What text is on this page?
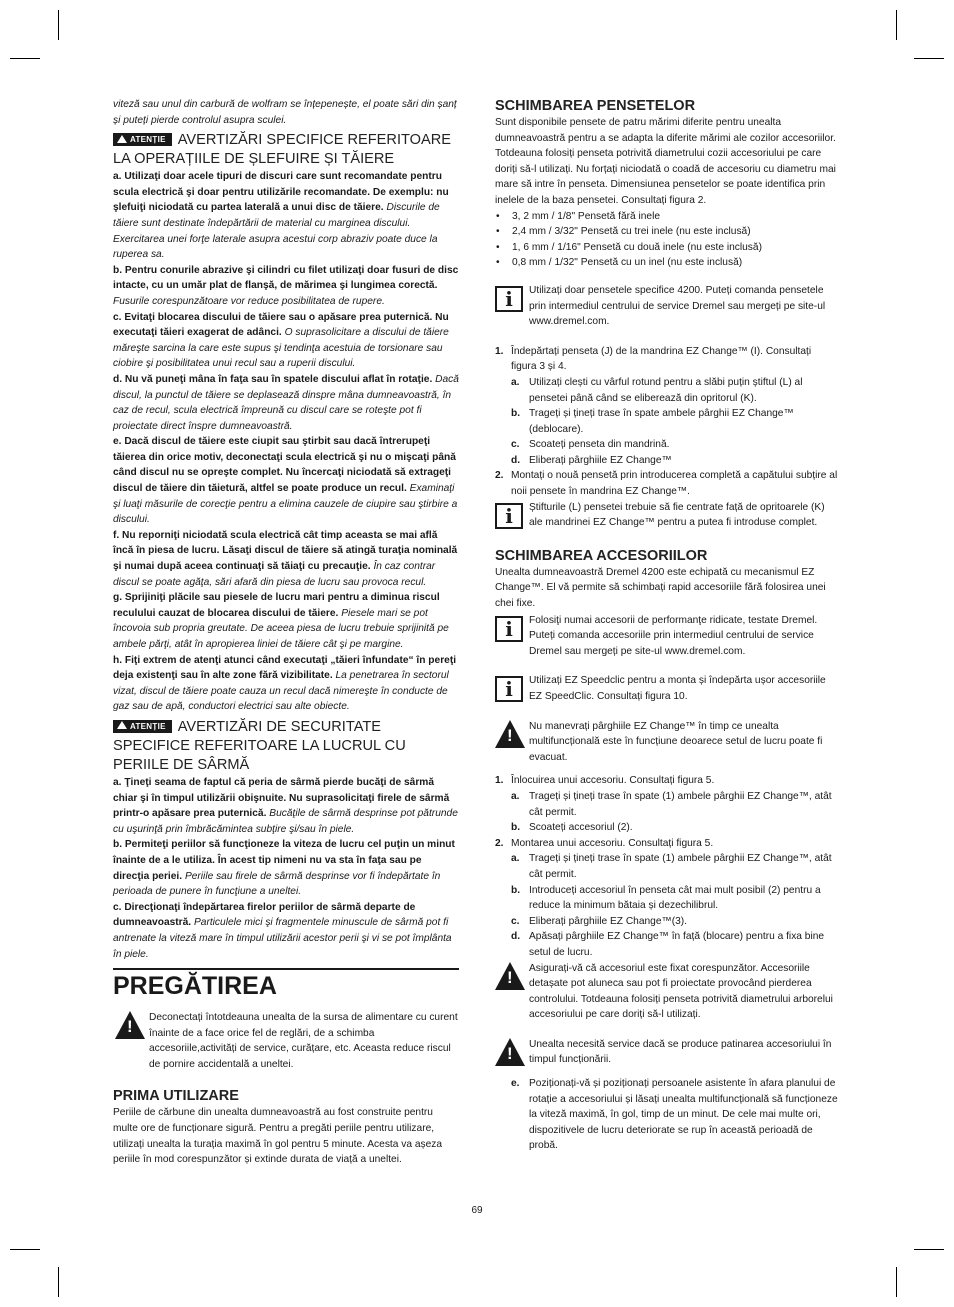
viteză sau unul din carbură de wolfram se înțepenește, el poate sări din șanț și puteți pierde controlul asupra sculei.

ATENȚIE AVERTIZĂRI SPECIFICE REFERITOARE LA OPERAȚIILE DE ȘLEFUIRE ȘI TĂIERE

a. Utilizaţi doar acele tipuri de discuri care sunt recomandate pentru scula electrică şi doar pentru utilizările recomandate. De exemplu: nu şlefuiţi niciodată cu partea laterală a unui disc de tăiere. Discurile de tăiere sunt destinate îndepărtării de material cu marginea discului. Exercitarea unei forţe laterale asupra acestui corp abraziv poate duce la ruperea sa.

b. Pentru conurile abrazive şi cilindri cu filet utilizaţi doar fusuri de disc intacte, cu un umăr plat de flanşă, de mărimea şi lungimea corectă. Fusurile corespunzătoare vor reduce posibilitatea de rupere.

c. Evitaţi blocarea discului de tăiere sau o apăsare prea puternică. Nu executaţi tăieri exagerat de adânci. O suprasolicitare a discului de tăiere măreşte sarcina la care este supus şi tendinţa acestuia de torsionare sau ciobire şi posibilitatea unui recul sau a ruperii discului.

d. Nu vă puneţi mâna în faţa sau în spatele discului aflat în rotaţie. Dacă discul, la punctul de tăiere se deplasează dinspre mâna dumneavoastră, în caz de recul, scula electrică împreună cu discul care se roteşte pot fi proiectate direct înspre dumneavoastră.

e. Dacă discul de tăiere este ciupit sau ştirbit sau dacă întrerupeţi tăierea din orice motiv, deconectaţi scula electrică şi nu o mişcaţi până când discul nu se opreşte complet. Nu încercaţi niciodată să extrageţi discul de tăiere din tăietură, altfel se poate produce un recul. Examinaţi şi luaţi măsurile de corecţie pentru a elimina cauzele de ciupire sau ştirbire a discului.

f. Nu reporniţi niciodată scula electrică cât timp aceasta se mai află încă în piesa de lucru. Lăsaţi discul de tăiere să atingă turaţia nominală şi numai după aceea continuaţi să tăiaţi cu precauţie. În caz contrar discul se poate agăţa, sări afară din piesa de lucru sau provoca recul.

g. Sprijiniţi plăcile sau piesele de lucru mari pentru a diminua riscul reculului cauzat de blocarea discului de tăiere. Piesele mari se pot încovoia sub propria greutate. De aceea piesa de lucru trebuie sprijinită pe ambele părţi, atât în apropierea liniei de tăiere cât şi pe margine.

h. Fiţi extrem de atenţi atunci când executaţi „tăieri înfundate“ în pereţi deja existenţi sau în alte zone fără vizibilitate. La penetrarea în sectorul vizat, discul de tăiere poate cauza un recul dacă nimereşte în conducte de gaz sau de apă, conductori electrici sau alte obiecte.

ATENȚIE AVERTIZĂRI DE SECURITATE SPECIFICE REFERITOARE LA LUCRUL CU PERIILE DE SÂRMĂ

a. Ţineţi seama de faptul că peria de sârmă pierde bucăţi de sârmă chiar şi în timpul utilizării obişnuite. Nu suprasolicitaţi firele de sârmă printr-o apăsare prea puternică. Bucăţile de sârmă desprinse pot pătrunde cu uşurinţă prin îmbrăcămintea subţire şi/sau în piele.

b. Permiteţi periilor să funcţioneze la viteza de lucru cel puţin un minut înainte de a le utiliza. În acest tip nimeni nu va sta în faţa sau pe direcţia periei. Periile sau firele de sârmă desprinse vor fi îndepărtate în perioada de punere în funcţiune a uneltei.

c. Direcţionaţi îndepărtarea firelor periilor de sârmă departe de dumneavoastră. Particulele mici şi fragmentele minuscule de sârmă pot fi antrenate la viteză mare în timpul utilizării acestor perii şi vi se pot împlânta în piele.

PREGĂTIREA
! Deconectați întotdeauna unealta de la sursa de alimentare cu curent înainte de a face orice fel de reglări, de a schimba accesoriile,activități de service, curățare, etc. Aceasta reduce riscul de pornire accidentală a uneltei.

PRIMA UTILIZARE

Periile de cărbune din unealta dumneavoastră au fost construite pentru multe ore de funcționare sigură. Pentru a pregăti periile pentru utilizare, utilizați unealta la turația maximă în gol pentru 5 minute. Acesta va așeza periile în mod corespunzător și extinde durata de viață a uneltei.

SCHIMBAREA PENSETELOR

Sunt disponibile pensete de patru mărimi diferite pentru unealta dumneavoastră pentru a se adapta la diferite mărimi ale cozilor accesoriilor. Totdeauna folosiți penseta potrivită diametrului cozii accesoriului pe care doriți să-l utilizați. Nu forțați niciodată o coadă de accesoriu cu diametru mai mare să intre în penseta. Dimensiunea pensetelor se poate identifica prin inelele de la baza pensetei. Consultați figura 2.

• 3, 2 mm / 1/8" Pensetă fără inele
• 2,4 mm / 3/32" Pensetă cu trei inele (nu este inclusă)
• 1, 6 mm / 1/16" Pensetă cu două inele (nu este inclusă)
• 0,8 mm / 1/32" Pensetă cu un inel (nu este inclusă)
i Utilizați doar pensetele specifice 4200. Puteți comanda pensetele prin intermediul centrului de service Dremel sau mergeți pe site-ul www.dremel.com.

1. Îndepărtați penseta (J) de la mandrina EZ Change™ (I). Consultați figura 3 și 4.
a. Utilizați clești cu vârful rotund pentru a slăbi puțin știftul (L) al pensetei până când se eliberează din opritorul (K).
b. Trageți și țineți trase în spate ambele pârghii EZ Change™ (deblocare).
c. Scoateți penseta din mandrină.
d. Eliberați pârghiile EZ Change™
2. Montați o nouă pensetă prin introducerea completă a capătului subțire al noii pensete în mandrina EZ Change™.
i Știfturile (L) pensetei trebuie să fie centrate față de opritoarele (K) ale mandrinei EZ Change™ pentru a putea fi introduse complet.

SCHIMBAREA ACCESORIILOR

Unealta dumneavoastră Dremel 4200 este echipată cu mecanismul EZ Change™. El vă permite să schimbați rapid accesoriile fără folosirea unei chei fixe.

i Folosiţi numai accesorii de performanţe ridicate, testate Dremel. Puteți comanda accesoriile prin intermediul centrului de service Dremel sau mergeți pe site-ul www.dremel.com.

i Utilizați EZ Speedclic pentru a monta și îndepărta ușor accesoriile EZ SpeedClic. Consultați figura 10.

! Nu manevrați pârghiile EZ Change™ în timp ce unealta multifuncțională este în funcțiune deoarece setul de lucru poate fi evacuat.

1. Înlocuirea unui accesoriu. Consultați figura 5.
a. Trageți și țineți trase în spate (1) ambele pârghii EZ Change™, atât cât permit.
b. Scoateți accesoriul (2).
2. Montarea unui accesoriu. Consultați figura 5.
a. Trageți și țineți trase în spate (1) ambele pârghii EZ Change™, atât cât permit.
b. Introduceți accesoriul în penseta cât mai mult posibil (2) pentru a reduce la minimum bătaia și dezechilibrul.
c. Eliberați pârghiile EZ Change™(3).
d. Apăsați pârghiile EZ Change™ în față (blocare) pentru a fixa bine setul de lucru.
! Asigurați-vă că accesoriul este fixat corespunzător. Accesoriile detașate pot aluneca sau pot fi proiectate provocând pierderea controlului. Totdeauna folosiți penseta potrivită diametrului arborelui accesoriului pe care doriți să-l utilizați.

! Unealta necesită service dacă se produce patinarea accesoriului în timpul funcționării.

e. Poziționați-vă și poziționați persoanele asistente în afara planului de rotație a accesoriului și lăsați unealta multifuncțională să funcționeze la viteză maximă, în gol, timp de un minut. De cele mai multe ori, dispozitivele de lucru deteriorate se rup în această perioadă de probă.
69
